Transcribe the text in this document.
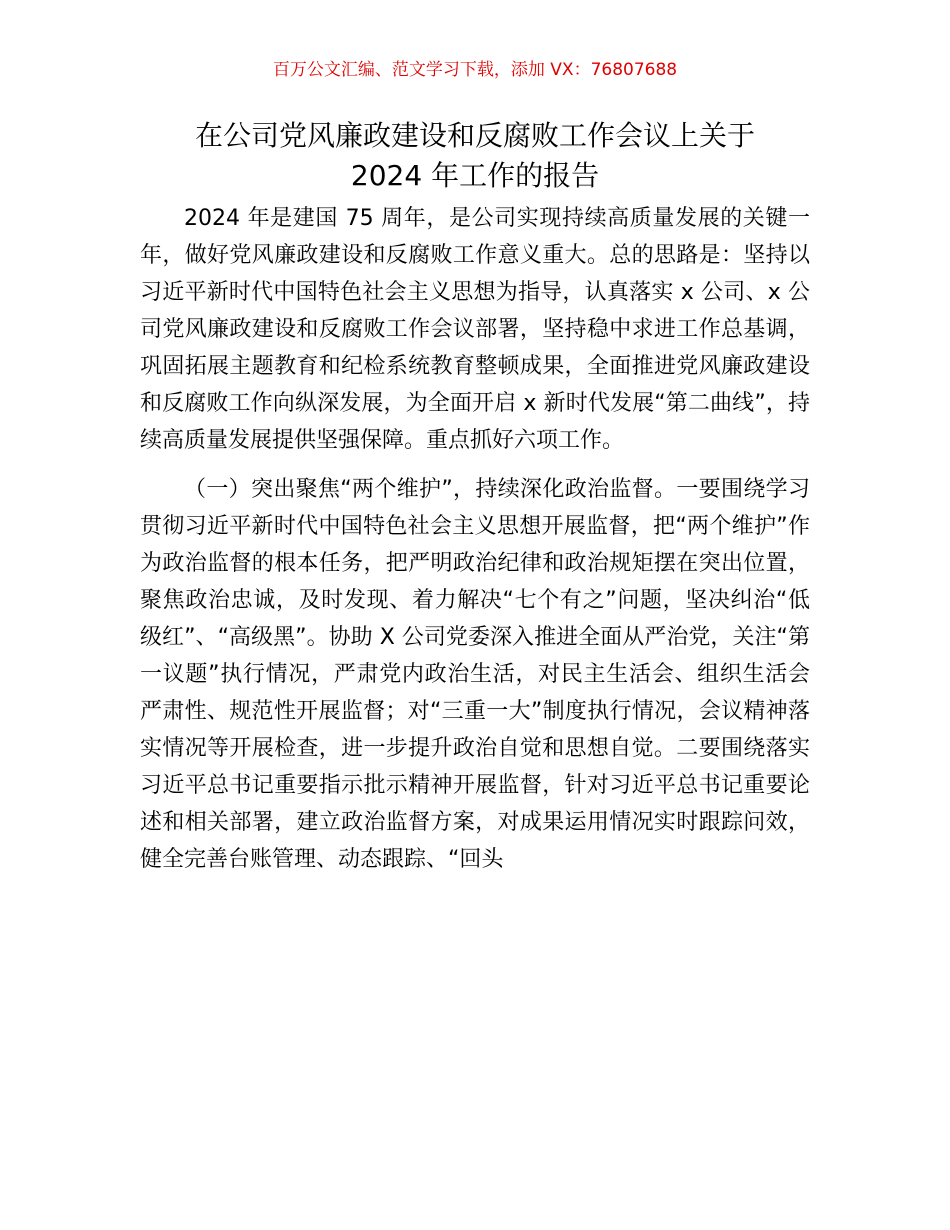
百万公文汇编、范文学习下载，添加 VX：76807688
在公司党风廉政建设和反腐败工作会议上关于
2024 年工作的报告

2024 年是建国 75 周年，是公司实现持续高质量发展的关键一年，做好党风廉政建设和反腐败工作意义重大。总的思路是：坚持以习近平新时代中国特色社会主义思想为指导，认真落实 x 公司、x 公司党风廉政建设和反腐败工作会议部署，坚持稳中求进工作总基调，巩固拓展主题教育和纪检系统教育整顿成果，全面推进党风廉政建设和反腐败工作向纵深发展，为全面开启 x 新时代发展“第二曲线”，持续高质量发展提供坚强保障。重点抓好六项工作。

（一）突出聚焦“两个维护”，持续深化政治监督。一要围绕学习贯彻习近平新时代中国特色社会主义思想开展监督，把“两个维护”作为政治监督的根本任务，把严明政治纪律和政治规矩摆在突出位置，聚焦政治忠诚，及时发现、着力解决“七个有之”问题，坚决纠治“低级红”、“高级黑”。协助 X 公司党委深入推进全面从严治党，关注“第一议题”执行情况，严肃党内政治生活，对民主生活会、组织生活会严肃性、规范性开展监督；对“三重一大”制度执行情况，会议精神落实情况等开展检查，进一步提升政治自觉和思想自觉。二要围绕落实习近平总书记重要指示批示精神开展监督，针对习近平总书记重要论述和相关部署，建立政治监督方案，对成果运用情况实时跟踪问效，健全完善台账管理、动态跟踪、“回头
